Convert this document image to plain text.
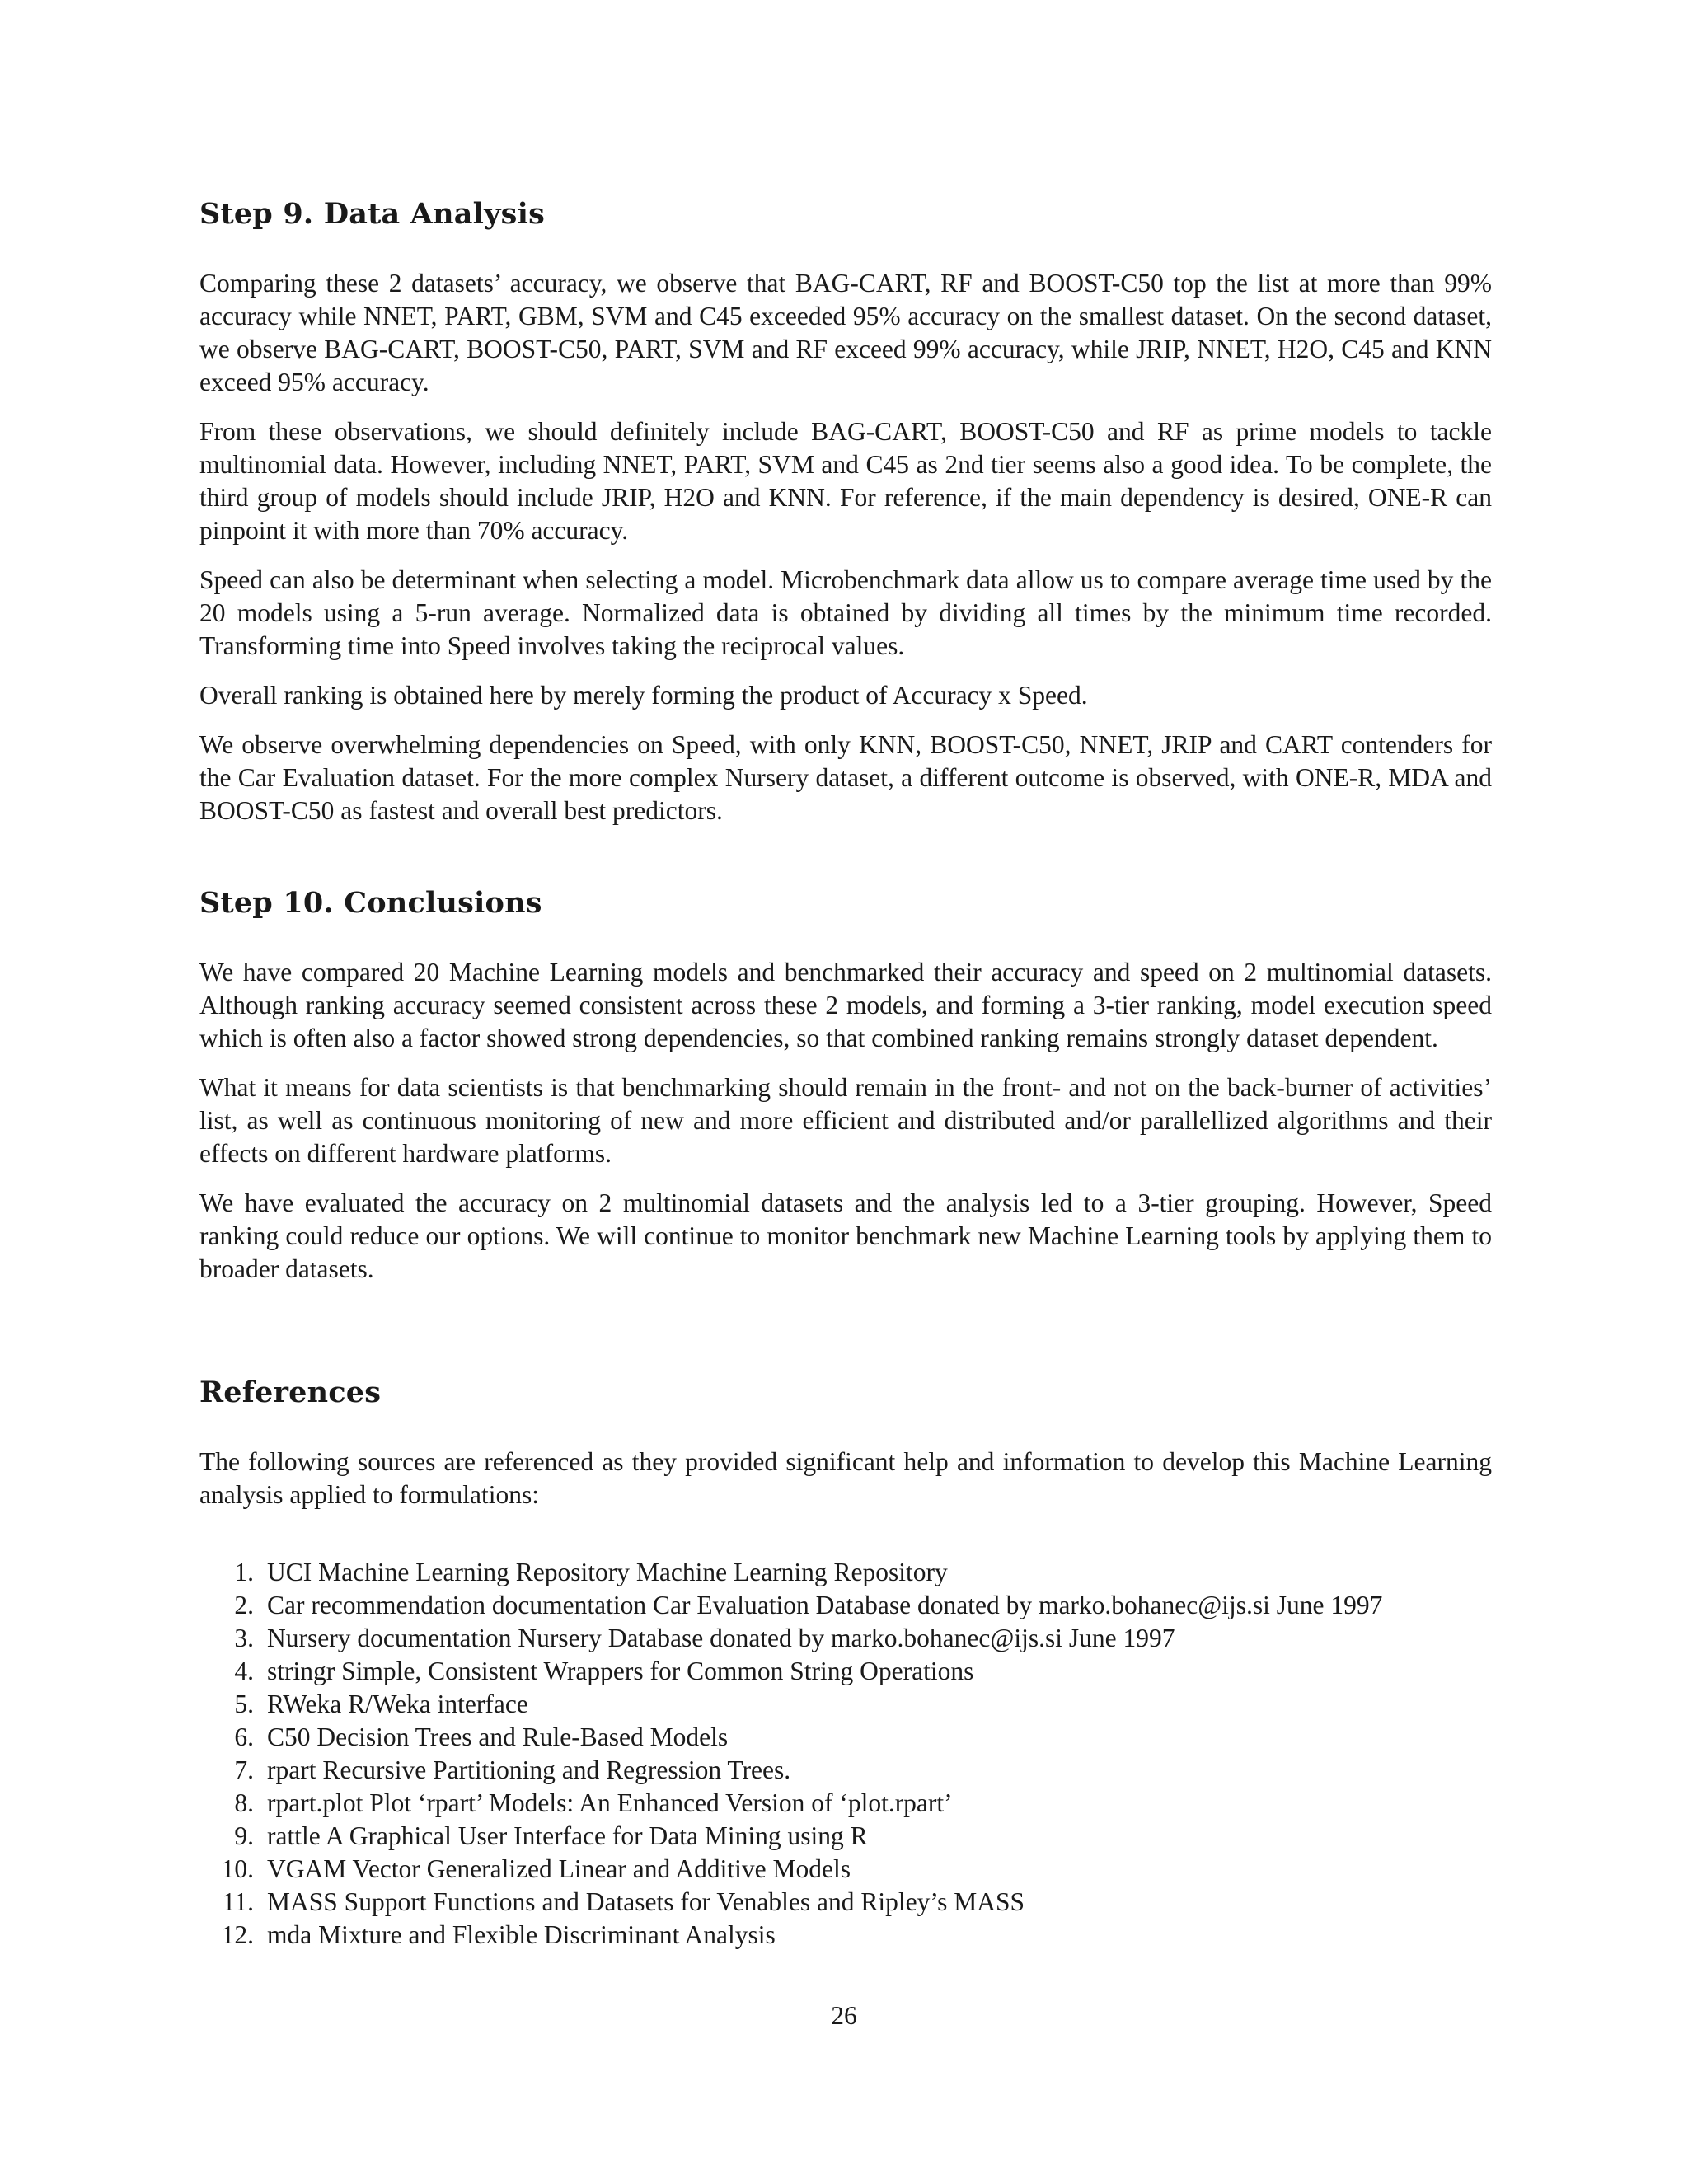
Step 9. Data Analysis

Comparing these 2 datasets’ accuracy, we observe that BAG-CART, RF and BOOST-C50 top the list at more than 99% accuracy while NNET, PART, GBM, SVM and C45 exceeded 95% accuracy on the smallest dataset. On the second dataset, we observe BAG-CART, BOOST-C50, PART, SVM and RF exceed 99% accuracy, while JRIP, NNET, H2O, C45 and KNN exceed 95% accuracy.

From these observations, we should definitely include BAG-CART, BOOST-C50 and RF as prime models to tackle multinomial data. However, including NNET, PART, SVM and C45 as 2nd tier seems also a good idea. To be complete, the third group of models should include JRIP, H2O and KNN. For reference, if the main dependency is desired, ONE-R can pinpoint it with more than 70% accuracy.

Speed can also be determinant when selecting a model. Microbenchmark data allow us to compare average time used by the 20 models using a 5-run average. Normalized data is obtained by dividing all times by the minimum time recorded. Transforming time into Speed involves taking the reciprocal values.

Overall ranking is obtained here by merely forming the product of Accuracy x Speed.

We observe overwhelming dependencies on Speed, with only KNN, BOOST-C50, NNET, JRIP and CART contenders for the Car Evaluation dataset. For the more complex Nursery dataset, a different outcome is observed, with ONE-R, MDA and BOOST-C50 as fastest and overall best predictors.

Step 10. Conclusions

We have compared 20 Machine Learning models and benchmarked their accuracy and speed on 2 multinomial datasets. Although ranking accuracy seemed consistent across these 2 models, and forming a 3-tier ranking, model execution speed which is often also a factor showed strong dependencies, so that combined ranking remains strongly dataset dependent.

What it means for data scientists is that benchmarking should remain in the front- and not on the back-burner of activities’ list, as well as continuous monitoring of new and more efficient and distributed and/or parallellized algorithms and their effects on different hardware platforms.

We have evaluated the accuracy on 2 multinomial datasets and the analysis led to a 3-tier grouping. However, Speed ranking could reduce our options. We will continue to monitor benchmark new Machine Learning tools by applying them to broader datasets.

References

The following sources are referenced as they provided significant help and information to develop this Machine Learning analysis applied to formulations:

1. UCI Machine Learning Repository Machine Learning Repository
2. Car recommendation documentation Car Evaluation Database donated by marko.bohanec@ijs.si June 1997
3. Nursery documentation Nursery Database donated by marko.bohanec@ijs.si June 1997
4. stringr Simple, Consistent Wrappers for Common String Operations
5. RWeka R/Weka interface
6. C50 Decision Trees and Rule-Based Models
7. rpart Recursive Partitioning and Regression Trees.
8. rpart.plot Plot ‘rpart’ Models: An Enhanced Version of ‘plot.rpart’
9. rattle A Graphical User Interface for Data Mining using R
10. VGAM Vector Generalized Linear and Additive Models
11. MASS Support Functions and Datasets for Venables and Ripley’s MASS
12. mda Mixture and Flexible Discriminant Analysis
26
